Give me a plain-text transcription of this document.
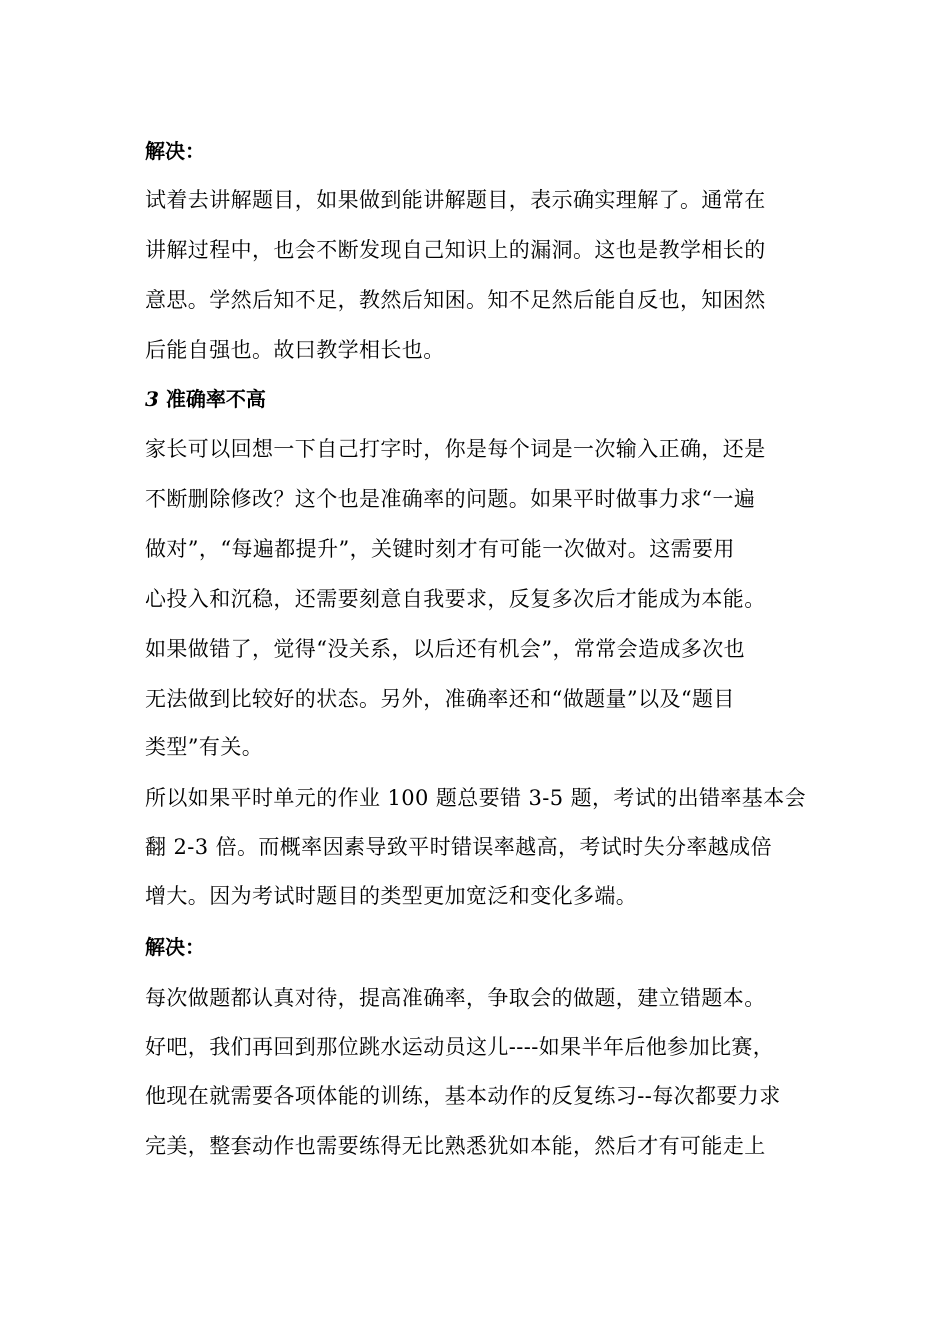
解决：
试着去讲解题目，如果做到能讲解题目，表示确实理解了。通常在
讲解过程中，也会不断发现自己知识上的漏洞。这也是教学相长的
意思。学然后知不足，教然后知困。知不足然后能自反也，知困然
后能自强也。故曰教学相长也。
3 准确率不高
家长可以回想一下自己打字时，你是每个词是一次输入正确，还是
不断删除修改？这个也是准确率的问题。如果平时做事力求“一遍
做对”，“每遍都提升”，关键时刻才有可能一次做对。这需要用
心投入和沉稳，还需要刻意自我要求，反复多次后才能成为本能。
如果做错了，觉得“没关系，以后还有机会”，常常会造成多次也
无法做到比较好的状态。另外，准确率还和“做题量”以及“题目
类型”有关。
所以如果平时单元的作业 100 题总要错 3-5 题，考试的出错率基本会
翻 2-3 倍。而概率因素导致平时错误率越高，考试时失分率越成倍
增大。因为考试时题目的类型更加宽泛和变化多端。
解决：
每次做题都认真对待，提高准确率，争取会的做题，建立错题本。
好吧，我们再回到那位跳水运动员这儿----如果半年后他参加比赛，
他现在就需要各项体能的训练，基本动作的反复练习--每次都要力求
完美，整套动作也需要练得无比熟悉犹如本能，然后才有可能走上
